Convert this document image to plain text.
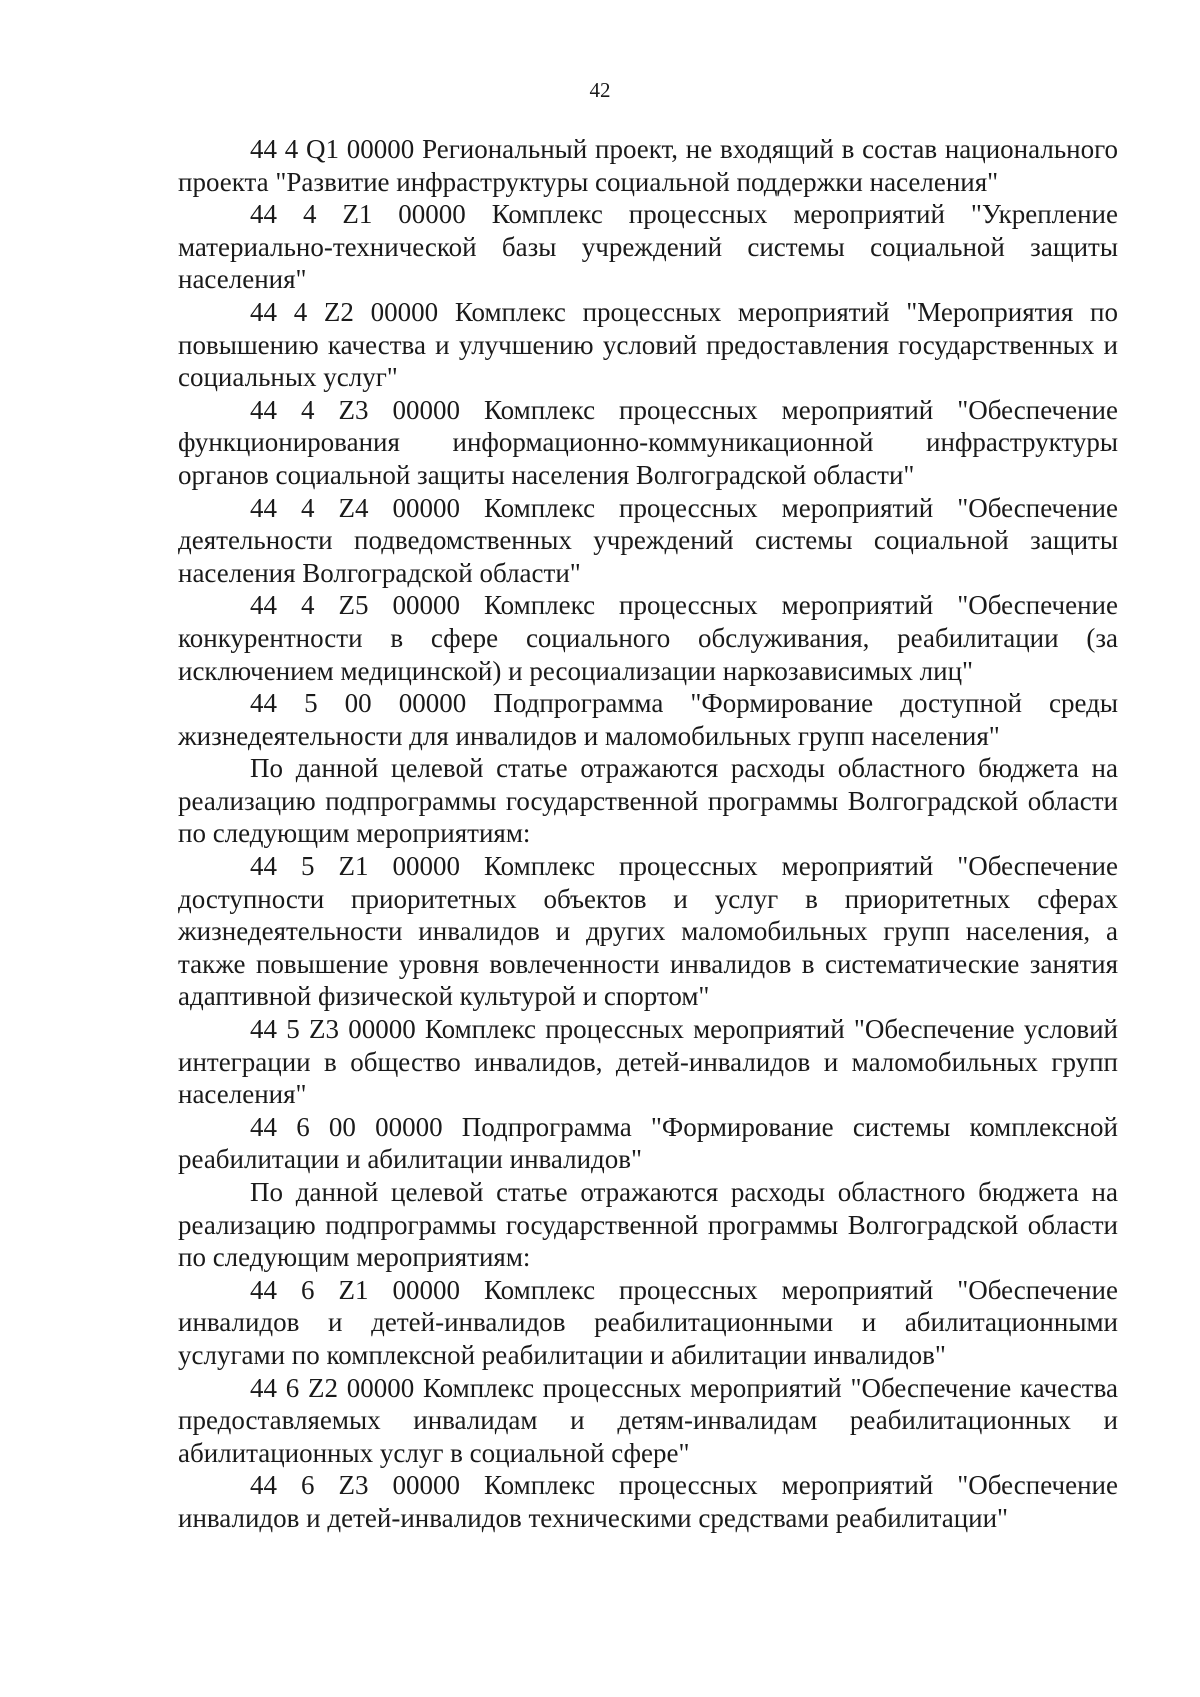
42

44 4 Q1 00000 Региональный проект, не входящий в состав национального проекта "Развитие инфраструктуры социальной поддержки населения"

44 4 Z1 00000 Комплекс процессных мероприятий "Укрепление материально-технической базы учреждений системы социальной защиты населения"

44 4 Z2 00000 Комплекс процессных мероприятий "Мероприятия по повышению качества и улучшению условий предоставления государственных и социальных услуг"

44 4 Z3 00000 Комплекс процессных мероприятий "Обеспечение функционирования информационно-коммуникационной инфраструктуры органов социальной защиты населения Волгоградской области"

44 4 Z4 00000 Комплекс процессных мероприятий "Обеспечение деятельности подведомственных учреждений системы социальной защиты населения Волгоградской области"

44 4 Z5 00000 Комплекс процессных мероприятий "Обеспечение конкурентности в сфере социального обслуживания, реабилитации (за исключением медицинской) и ресоциализации наркозависимых лиц"

44 5 00 00000 Подпрограмма "Формирование доступной среды жизнедеятельности для инвалидов и маломобильных групп населения"

По данной целевой статье отражаются расходы областного бюджета на реализацию подпрограммы государственной программы Волгоградской области по следующим мероприятиям:

44 5 Z1 00000 Комплекс процессных мероприятий "Обеспечение доступности приоритетных объектов и услуг в приоритетных сферах жизнедеятельности инвалидов и других маломобильных групп населения, а также повышение уровня вовлеченности инвалидов в систематические занятия адаптивной физической культурой и спортом"

44 5 Z3 00000 Комплекс процессных мероприятий "Обеспечение условий интеграции в общество инвалидов, детей-инвалидов и маломобильных групп населения"

44 6 00 00000 Подпрограмма "Формирование системы комплексной реабилитации и абилитации инвалидов"

По данной целевой статье отражаются расходы областного бюджета на реализацию подпрограммы государственной программы Волгоградской области по следующим мероприятиям:

44 6 Z1 00000 Комплекс процессных мероприятий "Обеспечение инвалидов и детей-инвалидов реабилитационными и абилитационными услугами по комплексной реабилитации и абилитации инвалидов"

44 6 Z2 00000 Комплекс процессных мероприятий "Обеспечение качества предоставляемых инвалидам и детям-инвалидам реабилитационных и абилитационных услуг в социальной сфере"

44 6 Z3 00000 Комплекс процессных мероприятий "Обеспечение инвалидов и детей-инвалидов техническими средствами реабилитации"
